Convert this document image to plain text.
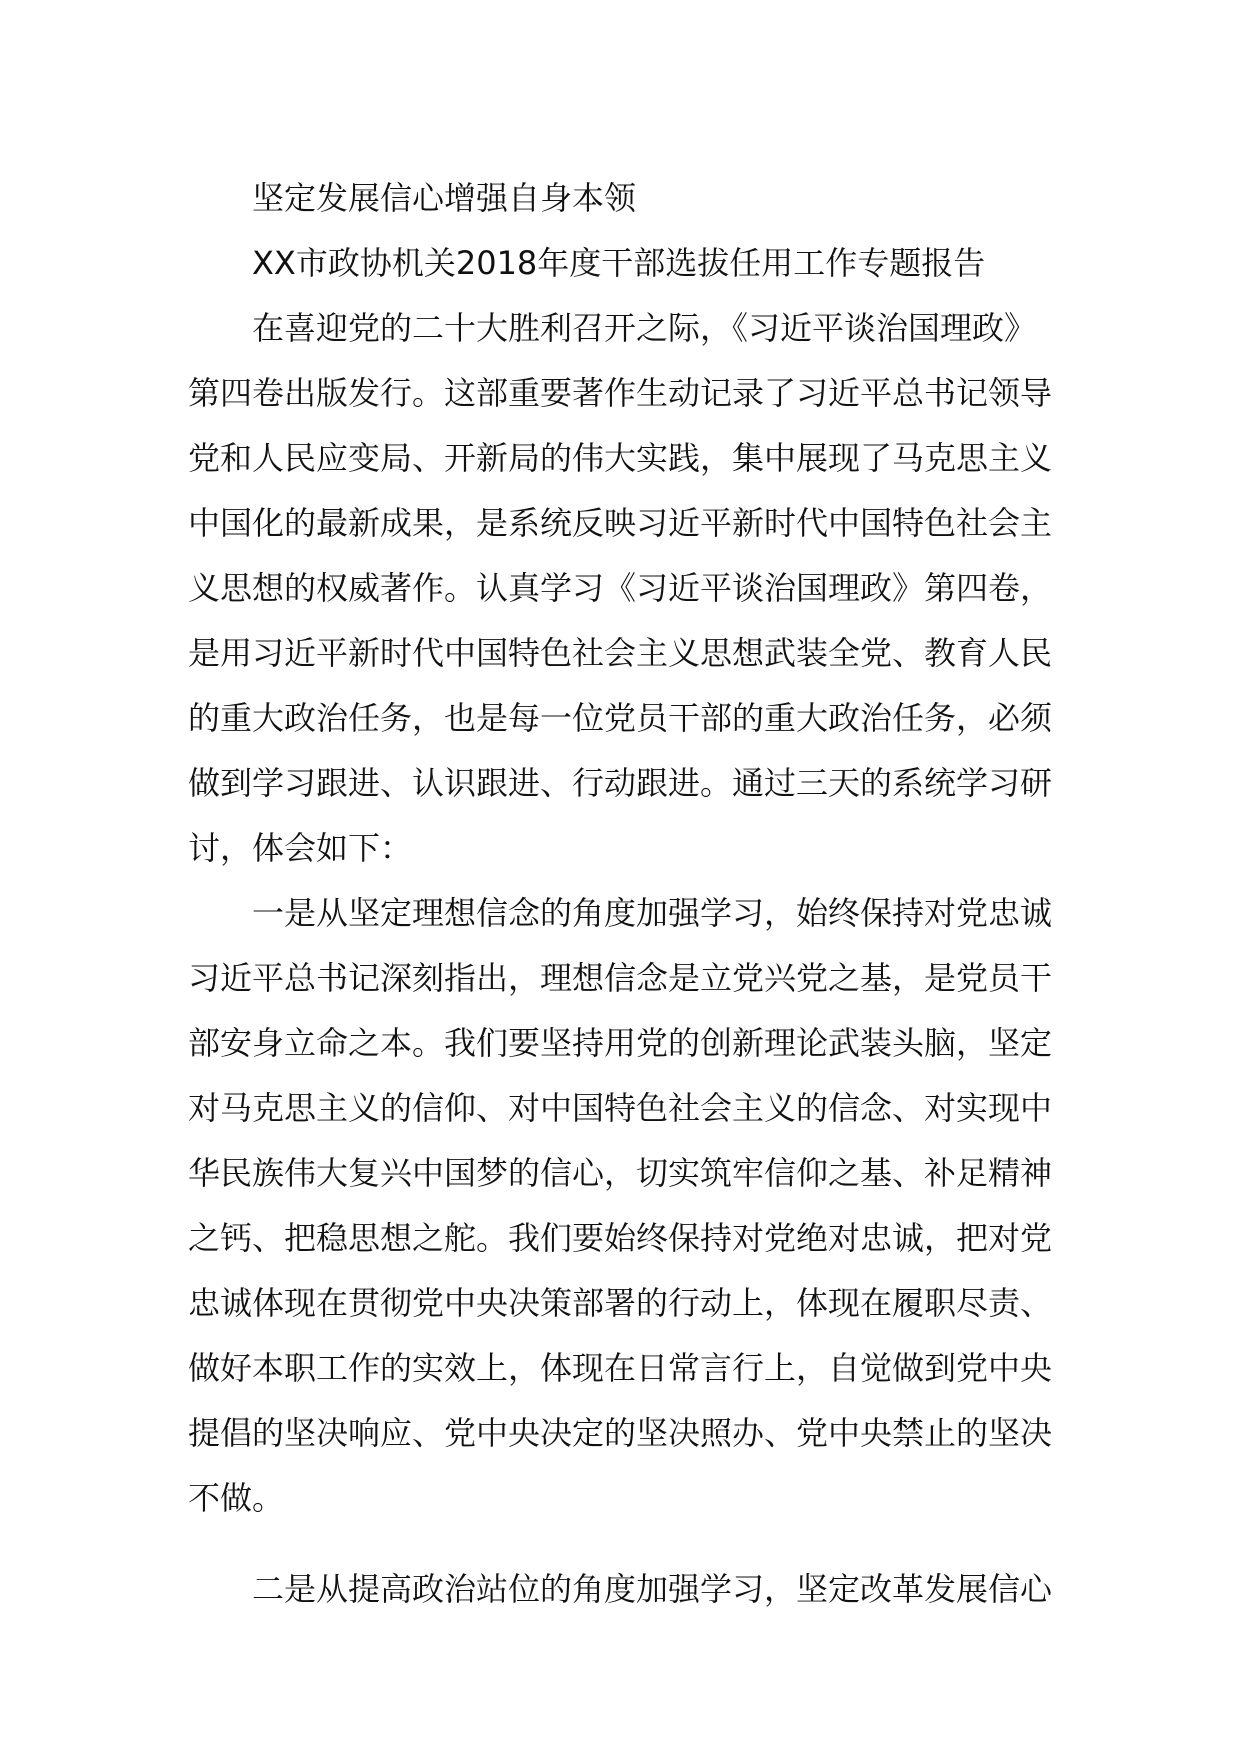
坚定发展信心增强自身本领

XX市政协机关2018年度干部选拔任用工作专题报告

在喜迎党的二十大胜利召开之际，《习近平谈治国理政》
第四卷出版发行。这部重要著作生动记录了习近平总书记领导
党和人民应变局、开新局的伟大实践，集中展现了马克思主义
中国化的最新成果，是系统反映习近平新时代中国特色社会主
义思想的权威著作。认真学习《习近平谈治国理政》第四卷，
是用习近平新时代中国特色社会主义思想武装全党、教育人民
的重大政治任务，也是每一位党员干部的重大政治任务，必须
做到学习跟进、认识跟进、行动跟进。通过三天的系统学习研
讨，体会如下：
一是从坚定理想信念的角度加强学习，始终保持对党忠诚
习近平总书记深刻指出，理想信念是立党兴党之基，是党员干
部安身立命之本。我们要坚持用党的创新理论武装头脑，坚定
对马克思主义的信仰、对中国特色社会主义的信念、对实现中
华民族伟大复兴中国梦的信心，切实筑牢信仰之基、补足精神
之钙、把稳思想之舵。我们要始终保持对党绝对忠诚，把对党
忠诚体现在贯彻党中央决策部署的行动上，体现在履职尽责、
做好本职工作的实效上，体现在日常言行上，自觉做到党中央
提倡的坚决响应、党中央决定的坚决照办、党中央禁止的坚决
不做。
二是从提高政治站位的角度加强学习，坚定改革发展信心
